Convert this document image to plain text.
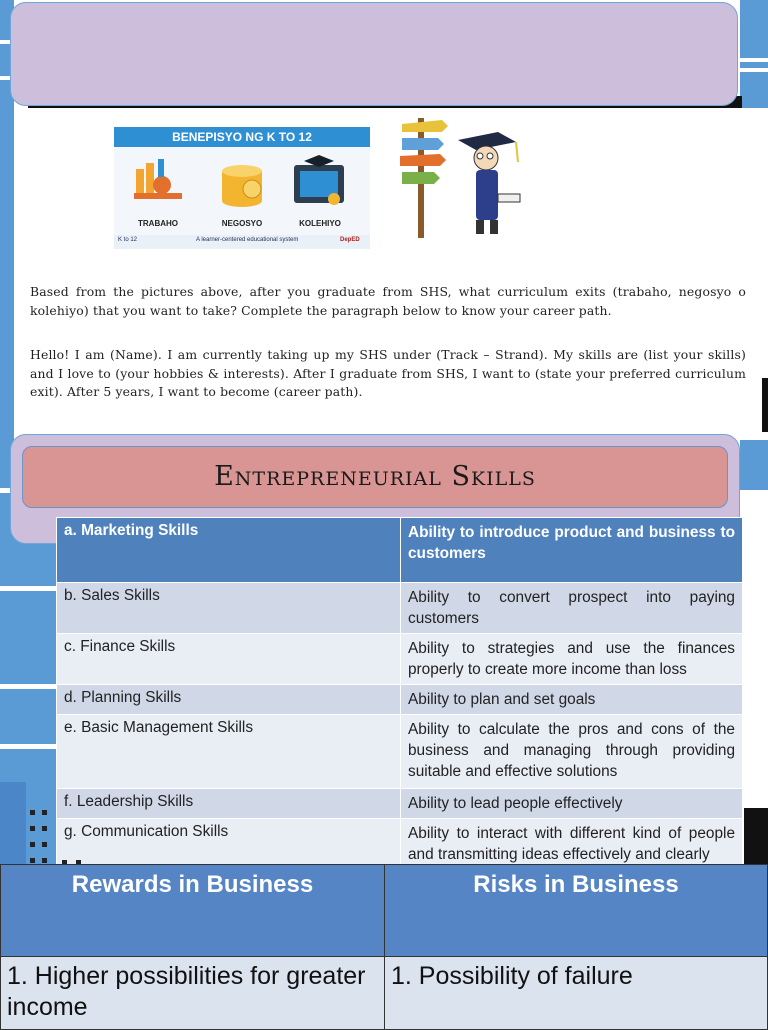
BENEPISYO NG K TO 12
TRABAHO	NEGOSYO	KOLEHIYO
K to 12	A learner-centered educational system	DepED
Based from the pictures above, after you graduate from SHS, what curriculum exits (trabaho, negosyo o kolehiyo) that you want to take? Complete the paragraph below to know your career path.
Hello! I am (Name). I am currently taking up my SHS under (Track – Strand). My skills are (list your skills) and I love to (your hobbies & interests). After I graduate from SHS, I want to (state your preferred curriculum exit). After 5 years, I want to become (career path).
Entrepreneurial Skills
a. Marketing Skills	Ability to introduce product and business to customers
b. Sales Skills	Ability to convert prospect into paying customers
c. Finance Skills	Ability to strategies and use the finances properly to create more income than loss
d. Planning Skills	Ability to plan and set goals
e. Basic Management Skills	Ability to calculate the pros and cons of the business and managing through providing suitable and effective solutions
f. Leadership Skills	Ability to lead people effectively
g. Communication Skills	Ability to interact with different kind of people and transmitting ideas effectively and clearly
Rewards in Business	Risks in Business
1. Higher possibilities for greater income	1. Possibility of failure
